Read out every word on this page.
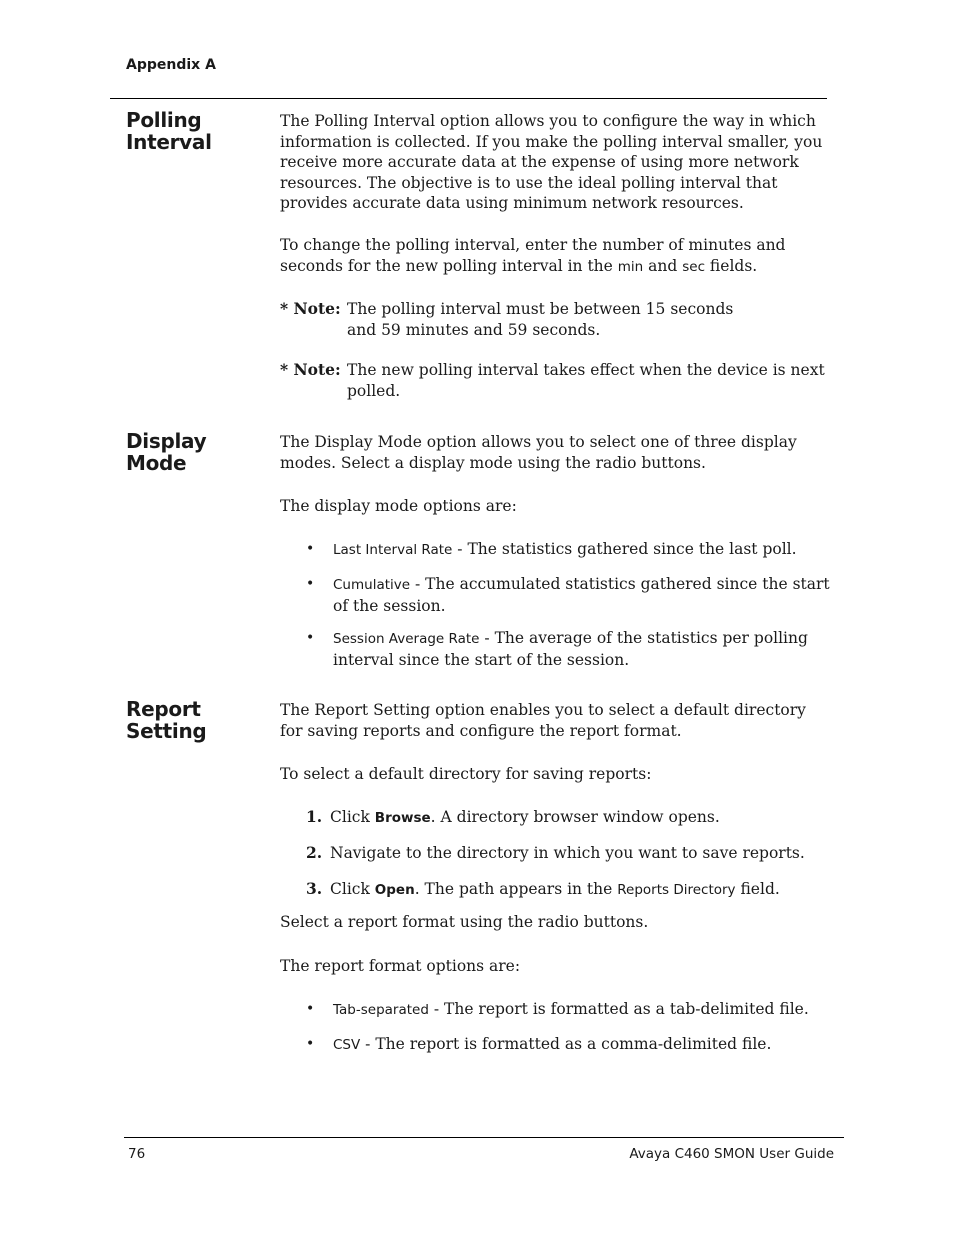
Appendix A
Polling
Interval
The Polling Interval option allows you to configure the way in which information is collected. If you make the polling interval smaller, you receive more accurate data at the expense of using more network resources. The objective is to use the ideal polling interval that provides accurate data using minimum network resources.
To change the polling interval, enter the number of minutes and seconds for the new polling interval in the min and sec fields.
* Note: The polling interval must be between 15 seconds and 59 minutes and 59 seconds.
* Note: The new polling interval takes effect when the device is next polled.
Display
Mode
The Display Mode option allows you to select one of three display modes. Select a display mode using the radio buttons.
The display mode options are:
• Last Interval Rate - The statistics gathered since the last poll.
• Cumulative - The accumulated statistics gathered since the start of the session.
• Session Average Rate - The average of the statistics per polling interval since the start of the session.
Report
Setting
The Report Setting option enables you to select a default directory for saving reports and configure the report format.
To select a default directory for saving reports:
1. Click Browse. A directory browser window opens.
2. Navigate to the directory in which you want to save reports.
3. Click Open. The path appears in the Reports Directory field.
Select a report format using the radio buttons.
The report format options are:
• Tab-separated - The report is formatted as a tab-delimited file.
• CSV - The report is formatted as a comma-delimited file.
76	Avaya C460 SMON User Guide
